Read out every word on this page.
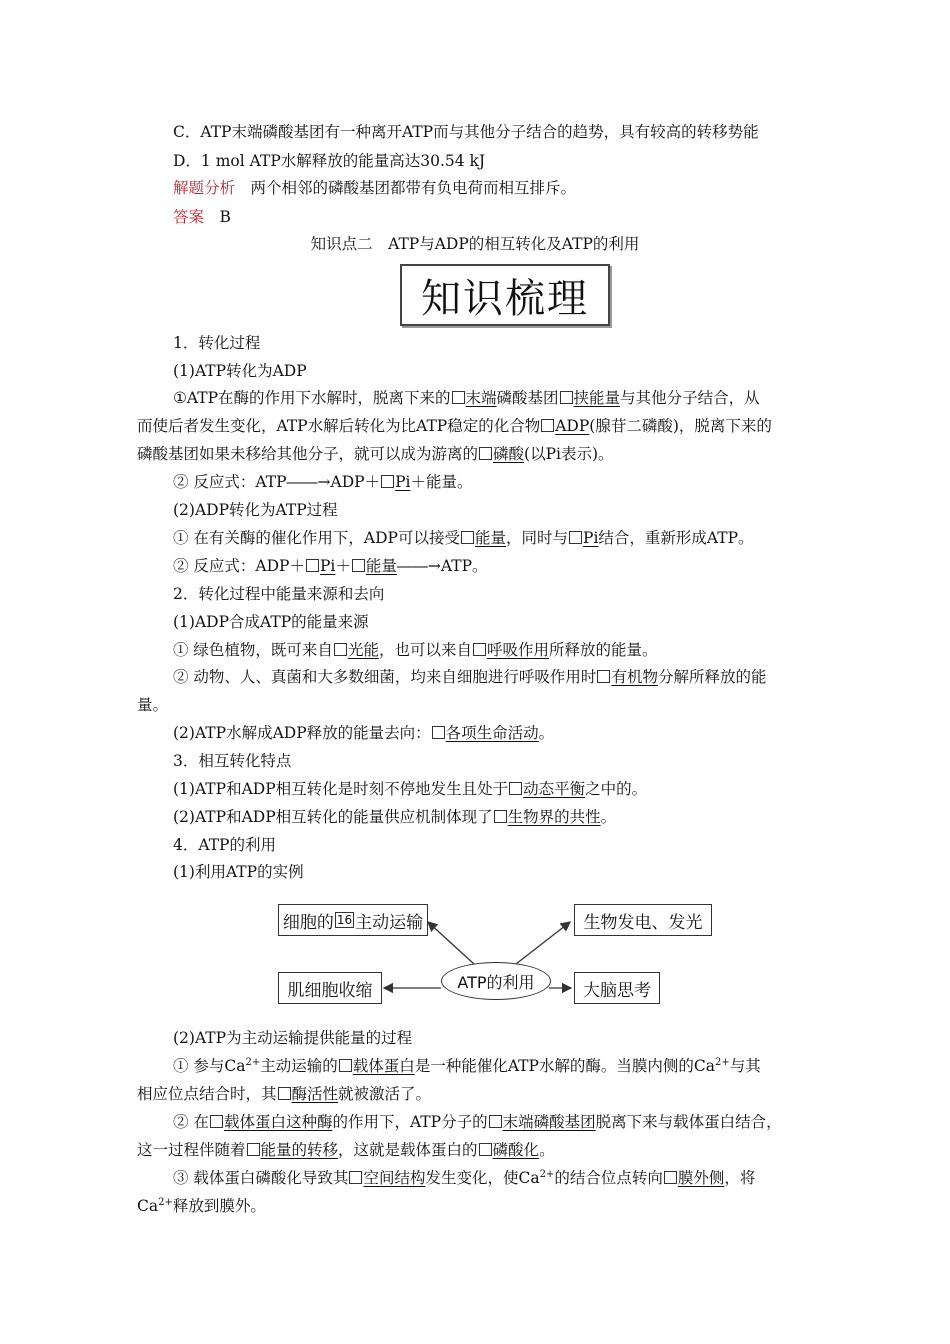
C．ATP末端磷酸基团有一种离开ATP而与其他分子结合的趋势，具有较高的转移势能
D．1 mol ATP水解释放的能量高达30.54 kJ
解题分析　 两个相邻的磷酸基团都带有负电荷而相互排斥。
答案　 B
知识点二　ATP与ADP的相互转化及ATP的利用
知识梳理
1．转化过程
(1)ATP转化为ADP
①ATP在酶的作用下水解时，脱离下来的 末端磷酸基团 挟能量与其他分子结合，从
而使后者发生变化，ATP水解后转化为比ATP稳定的化合物 ADP(腺苷二磷酸)，脱离下来的
磷酸基团如果未移给其他分子，就可以成为游离的 磷酸(以Pi表示)。
② 反应式：ATP――→ADP＋ Pi＋能量。
(2)ADP转化为ATP过程
① 在有关酶的催化作用下，ADP可以接受 能量，同时与 Pi结合，重新形成ATP。
② 反应式：ADP＋ Pi＋ 能量――→ATP。
2．转化过程中能量来源和去向
(1)ADP合成ATP的能量来源
① 绿色植物，既可来自 光能，也可以来自 呼吸作用所释放的能量。
② 动物、人、真菌和大多数细菌，均来自细胞进行呼吸作用时 有机物分解所释放的能
量。
(2)ATP水解成ADP释放的能量去向： 各项生命活动。
3．相互转化特点
(1)ATP和ADP相互转化是时刻不停地发生且处于 动态平衡之中的。
(2)ATP和ADP相互转化的能量供应机制体现了 生物界的共性。
4．ATP的利用
(1)利用ATP的实例
细胞的 16 主动运输
肌细胞收缩
生物发电、发光
大脑思考
ATP的利用
(2)ATP为主动运输提供能量的过程
① 参与$Ca^{2+}$主动运输的 载体蛋白是一种能催化ATP水解的酶。当膜内侧的$Ca^{2+}$与其
相应位点结合时，其 酶活性就被激活了。
② 在 载体蛋白这种酶的作用下，ATP分子的 末端磷酸基团脱离下来与载体蛋白结合，
这一过程伴随着 能量的转移，这就是载体蛋白的 磷酸化。
③ 载体蛋白磷酸化导致其 空间结构发生变化，使$Ca^{2+}$的结合位点转向 膜外侧，将
$Ca^{2+}$释放到膜外。
